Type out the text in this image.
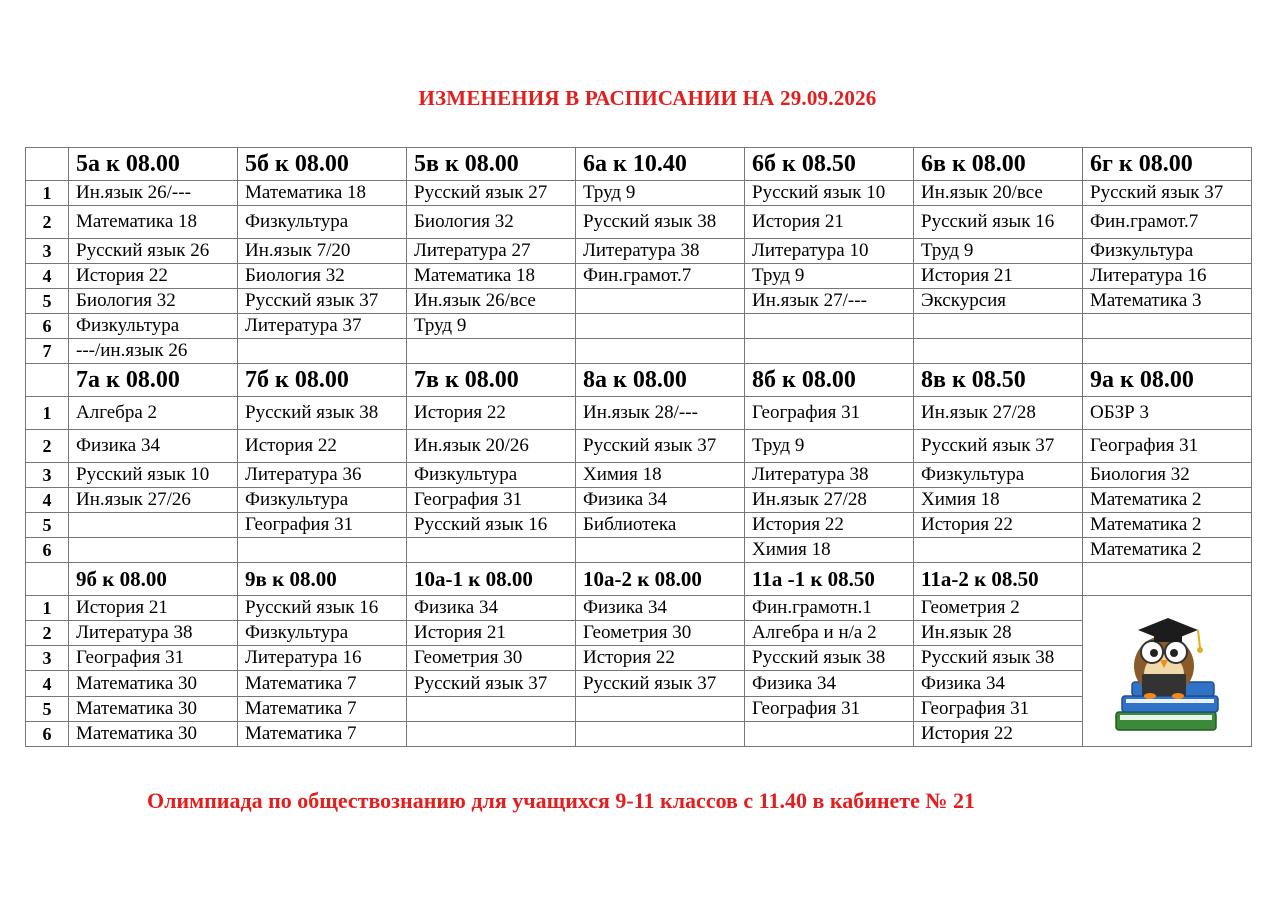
ИЗМЕНЕНИЯ В РАСПИСАНИИ НА 29.09.2026
	5а к 08.00	5б к 08.00	5в к 08.00	6а к 10.40	6б к 08.50	6в к 08.00	6г к 08.00
1	Ин.язык 26/---	Математика 18	Русский язык 27	Труд 9	Русский язык 10	Ин.язык 20/все	Русский язык 37
2	Математика 18	Физкультура	Биология 32	Русский язык 38	История 21	Русский язык 16	Фин.грамот.7
3	Русский язык 26	Ин.язык 7/20	Литература 27	Литература 38	Литература 10	Труд 9	Физкультура
4	История 22	Биология 32	Математика 18	Фин.грамот.7	Труд 9	История 21	Литература 16
5	Биология 32	Русский язык 37	Ин.язык 26/все		Ин.язык 27/---	Экскурсия	Математика 3
6	Физкультура	Литература 37	Труд 9				
7	---/ин.язык 26						
	7а к 08.00	7б к 08.00	7в к 08.00	8а к 08.00	8б к 08.00	8в к 08.50	9а к 08.00
1	Алгебра 2	Русский язык 38	История 22	Ин.язык 28/---	География 31	Ин.язык 27/28	ОБЗР 3
2	Физика 34	История 22	Ин.язык 20/26	Русский язык 37	Труд 9	Русский язык 37	География 31
3	Русский язык 10	Литература 36	Физкультура	Химия 18	Литература 38	Физкультура	Биология 32
4	Ин.язык 27/26	Физкультура	География 31	Физика 34	Ин.язык 27/28	Химия 18	Математика 2
5		География 31	Русский язык 16	Библиотека	История 22	История 22	Математика 2
6					Химия 18		Математика 2
	9б к 08.00	9в к 08.00	10а-1 к 08.00	10а-2 к 08.00	11а -1 к 08.50	11а-2 к 08.50	
1	История 21	Русский язык 16	Физика 34	Физика 34	Фин.грамотн.1	Геометрия 2	

2	Литература 38	Физкультура	История 21	Геометрия 30	Алгебра и н/а 2	Ин.язык 28	
3	География 31	Литература 16	Геометрия 30	История 22	Русский язык 38	Русский язык 38	
4	Математика 30	Математика 7	Русский язык 37	Русский язык 37	Физика 34	Физика 34	
5	Математика 30	Математика 7			География 31	География 31	
6	Математика 30	Математика 7				История 22	
Олимпиада по обществознанию для учащихся 9-11 классов с 11.40 в кабинете № 21
